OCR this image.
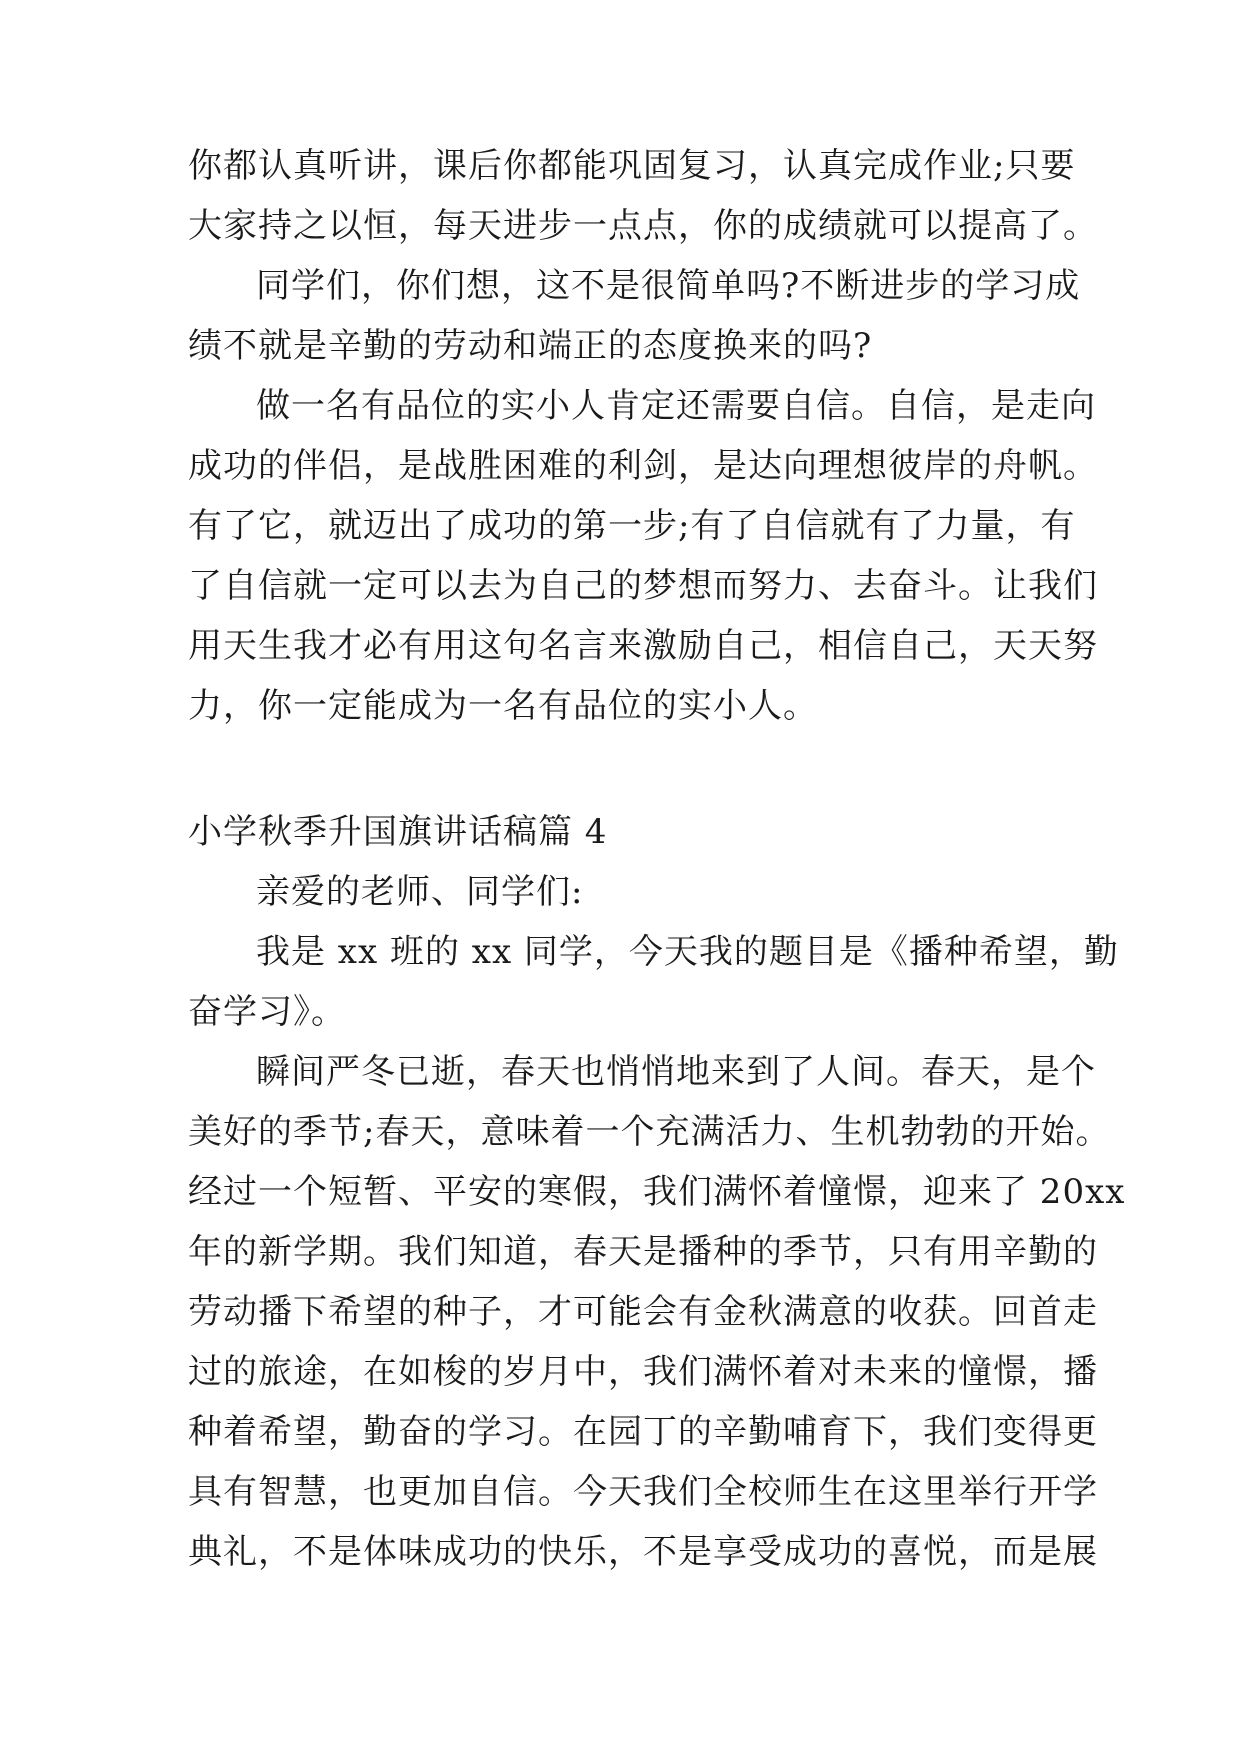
你都认真听讲，课后你都能巩固复习，认真完成作业;只要
大家持之以恒，每天进步一点点，你的成绩就可以提高了。
同学们，你们想，这不是很简单吗?不断进步的学习成
绩不就是辛勤的劳动和端正的态度换来的吗?
做一名有品位的实小人肯定还需要自信。自信，是走向
成功的伴侣，是战胜困难的利剑，是达向理想彼岸的舟帆。
有了它，就迈出了成功的第一步;有了自信就有了力量，有
了自信就一定可以去为自己的梦想而努力、去奋斗。让我们
用天生我才必有用这句名言来激励自己，相信自己，天天努
力，你一定能成为一名有品位的实小人。
小学秋季升国旗讲话稿篇 4
亲爱的老师、同学们:
我是 xx 班的 xx 同学，今天我的题目是《播种希望，勤
奋学习》。
瞬间严冬已逝，春天也悄悄地来到了人间。春天，是个
美好的季节;春天，意味着一个充满活力、生机勃勃的开始。
经过一个短暂、平安的寒假，我们满怀着憧憬，迎来了 20xx
年的新学期。我们知道，春天是播种的季节，只有用辛勤的
劳动播下希望的种子，才可能会有金秋满意的收获。回首走
过的旅途，在如梭的岁月中，我们满怀着对未来的憧憬，播
种着希望，勤奋的学习。在园丁的辛勤哺育下，我们变得更
具有智慧，也更加自信。今天我们全校师生在这里举行开学
典礼，不是体味成功的快乐，不是享受成功的喜悦，而是展
